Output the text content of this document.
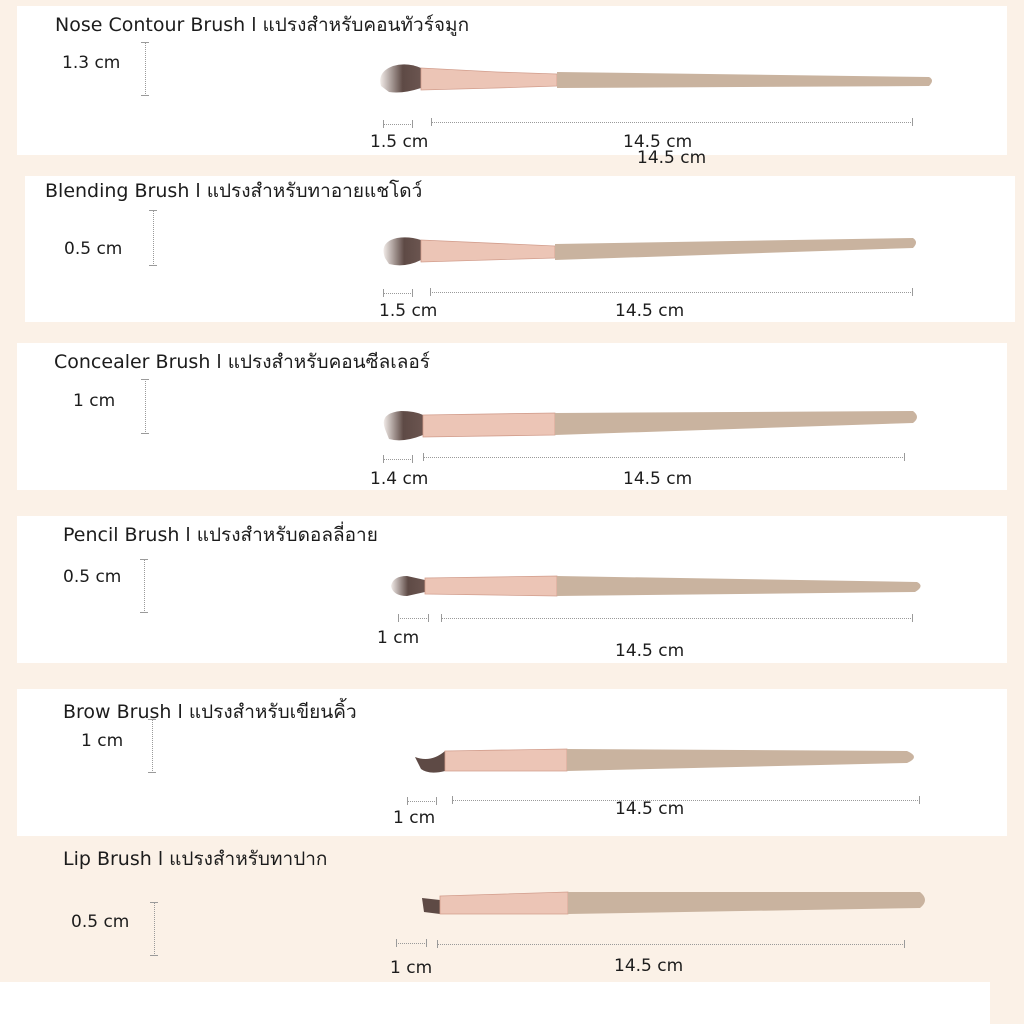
Nose Contour Brush l แปรงสำหรับคอนทัวร์จมูก
1.3 cm
1.5 cm	14.5 cm
14.5 cm
Blending Brush l แปรงสำหรับทาอายแชโดว์
0.5 cm
1.5 cm	14.5 cm
Concealer Brush l แปรงสำหรับคอนซีลเลอร์
1 cm
1.4 cm	14.5 cm
Pencil Brush l แปรงสำหรับดอลลี่อาย
0.5 cm
1 cm
14.5 cm
Brow Brush l แปรงสำหรับเขียนคิ้ว
1 cm
1 cm	14.5 cm
Lip Brush l แปรงสำหรับทาปาก
0.5 cm
1 cm	14.5 cm
